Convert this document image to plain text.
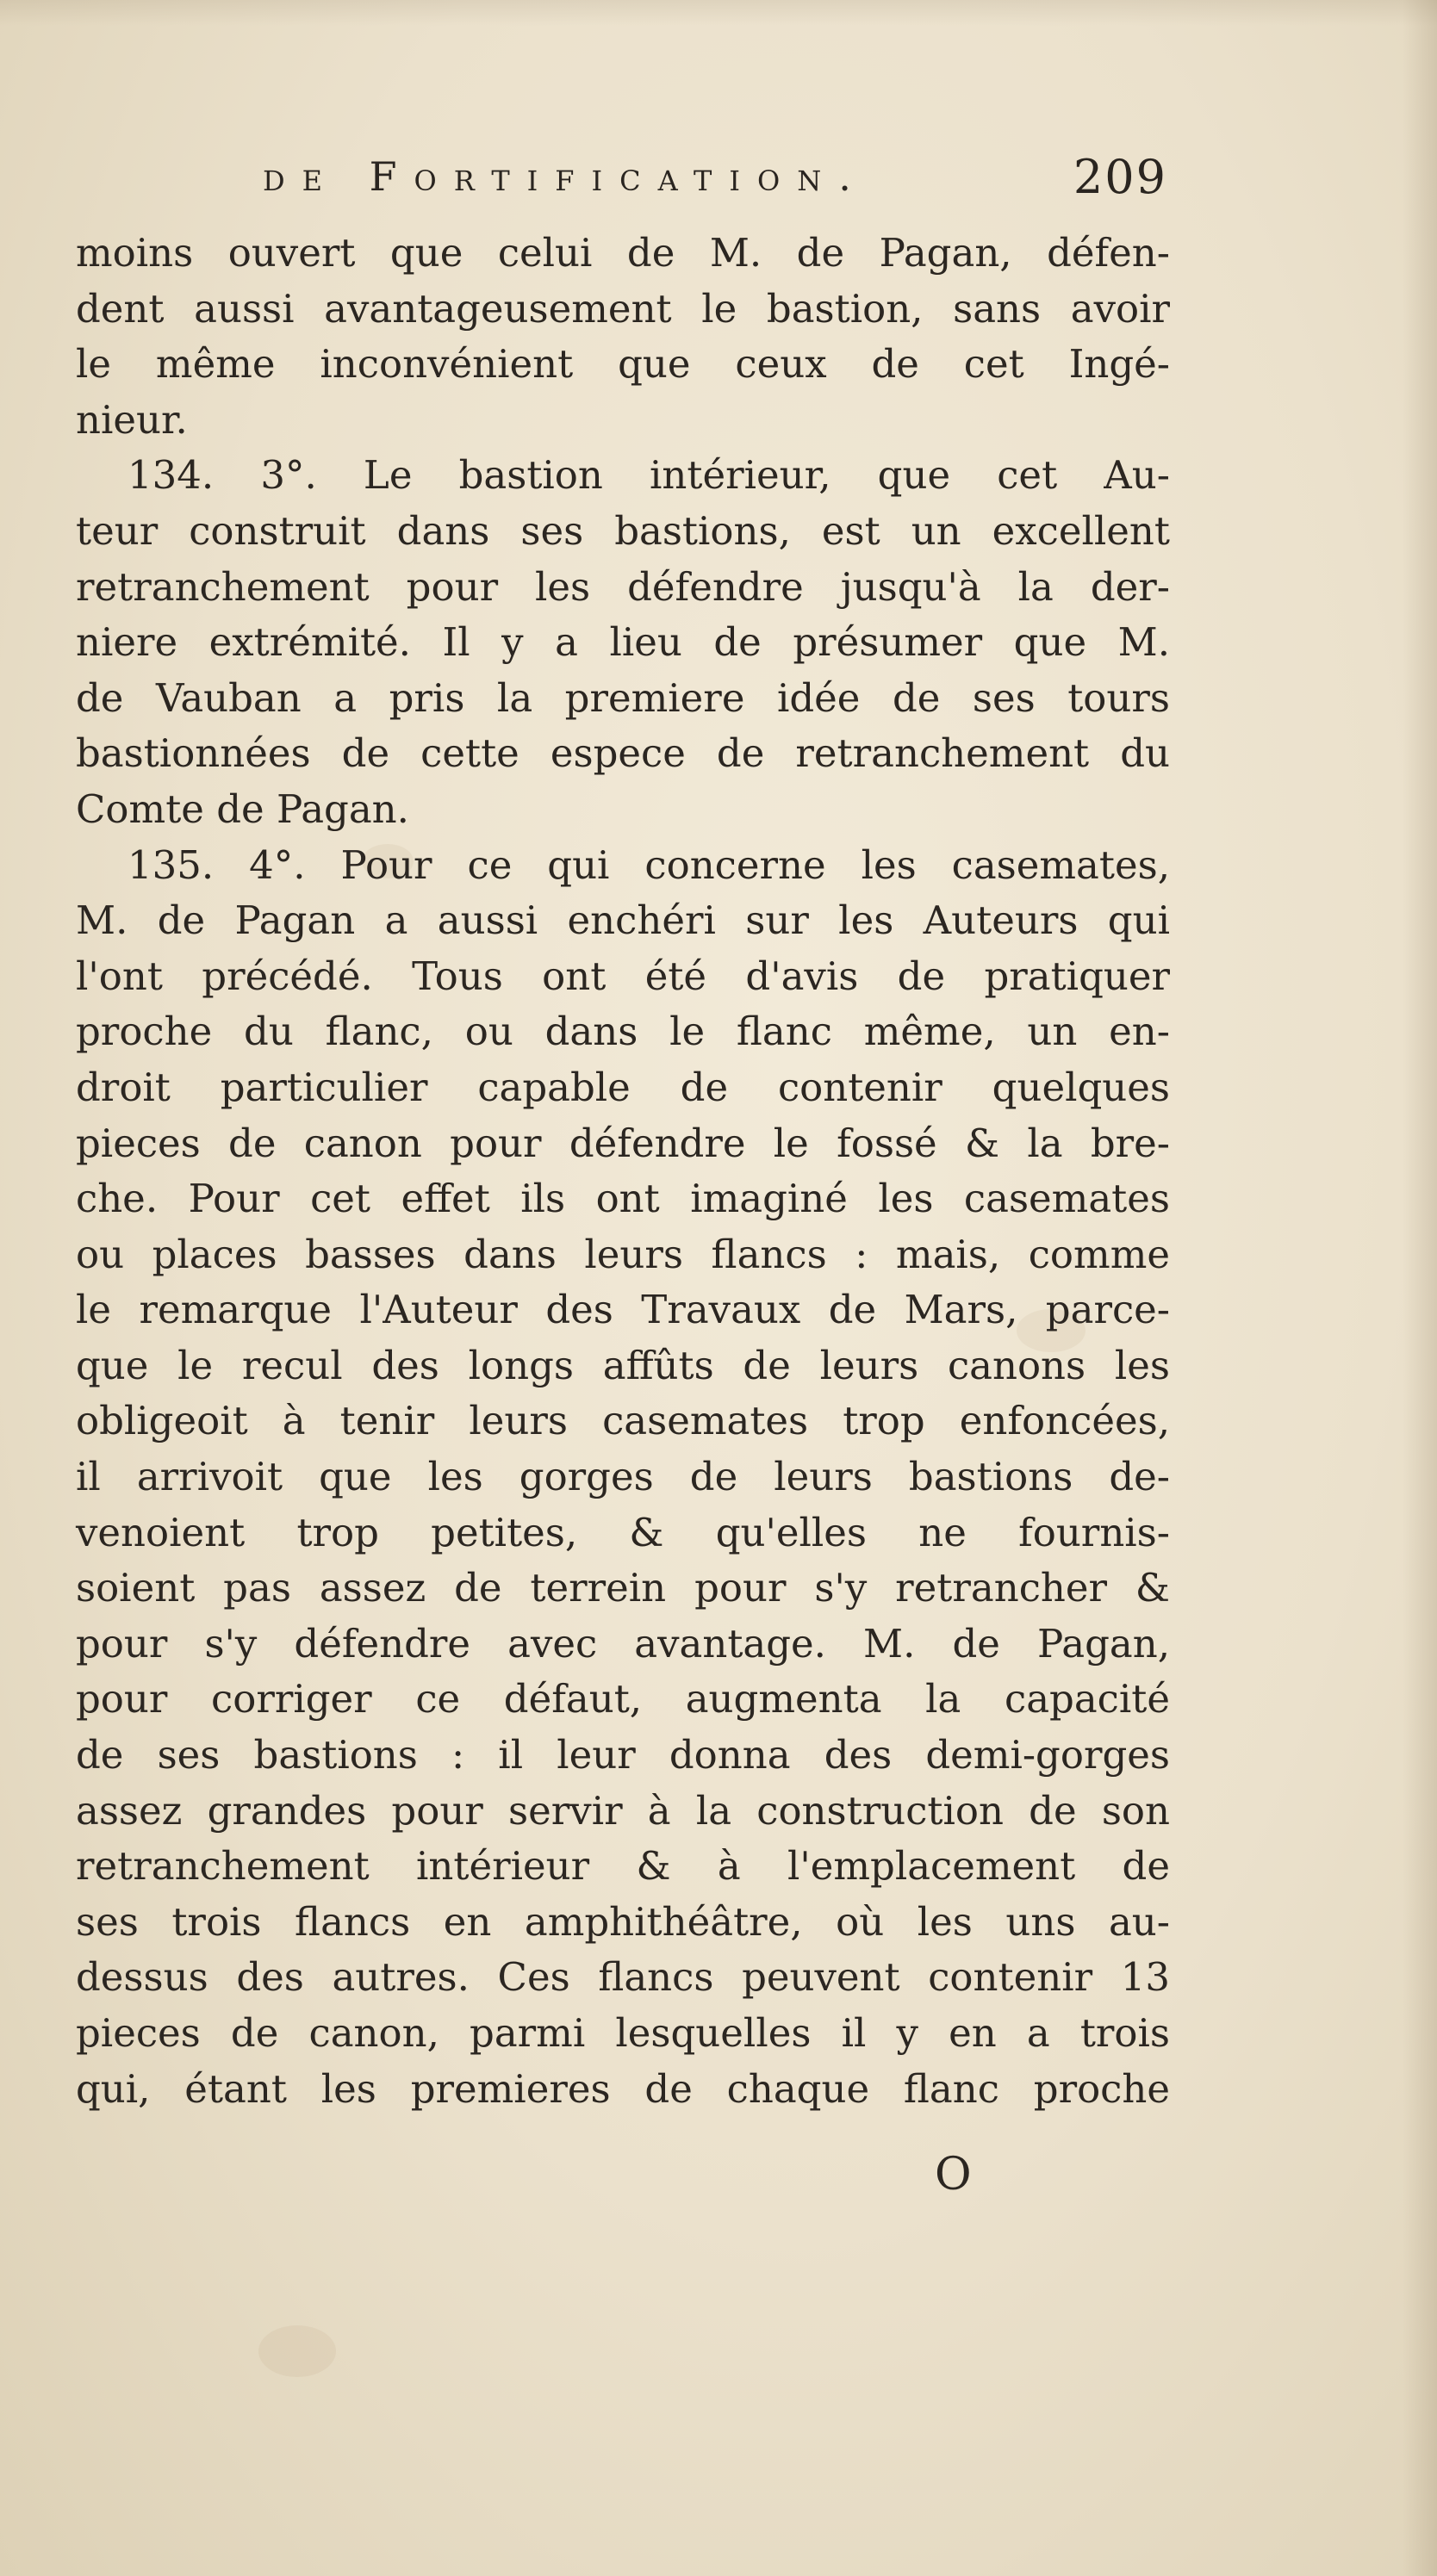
de Fortification.	209
moins ouvert que celui de M. de Pagan, défen-
dent aussi avantageusement le bastion, sans avoir
le même inconvénient que ceux de cet Ingé-
nieur.
134. 3°. Le bastion intérieur, que cet Au-
teur construit dans ses bastions, est un excellent
retranchement pour les défendre jusqu'à la der-
niere extrémité. Il y a lieu de présumer que M.
de Vauban a pris la premiere idée de ses tours
bastionnées de cette espece de retranchement du
Comte de Pagan.
135. 4°. Pour ce qui concerne les casemates,
M. de Pagan a aussi enchéri sur les Auteurs qui
l'ont précédé. Tous ont été d'avis de pratiquer
proche du flanc, ou dans le flanc même, un en-
droit particulier capable de contenir quelques
pieces de canon pour défendre le fossé & la bre-
che. Pour cet effet ils ont imaginé les casemates
ou places basses dans leurs flancs : mais, comme
le remarque l'Auteur des Travaux de Mars, parce-
que le recul des longs affûts de leurs canons les
obligeoit à tenir leurs casemates trop enfoncées,
il arrivoit que les gorges de leurs bastions de-
venoient trop petites, & qu'elles ne fournis-
soient pas assez de terrein pour s'y retrancher &
pour s'y défendre avec avantage. M. de Pagan,
pour corriger ce défaut, augmenta la capacité
de ses bastions : il leur donna des demi-gorges
assez grandes pour servir à la construction de son
retranchement intérieur & à l'emplacement de
ses trois flancs en amphithéâtre, où les uns au-
dessus des autres. Ces flancs peuvent contenir 13
pieces de canon, parmi lesquelles il y en a trois
qui, étant les premieres de chaque flanc proche
O
